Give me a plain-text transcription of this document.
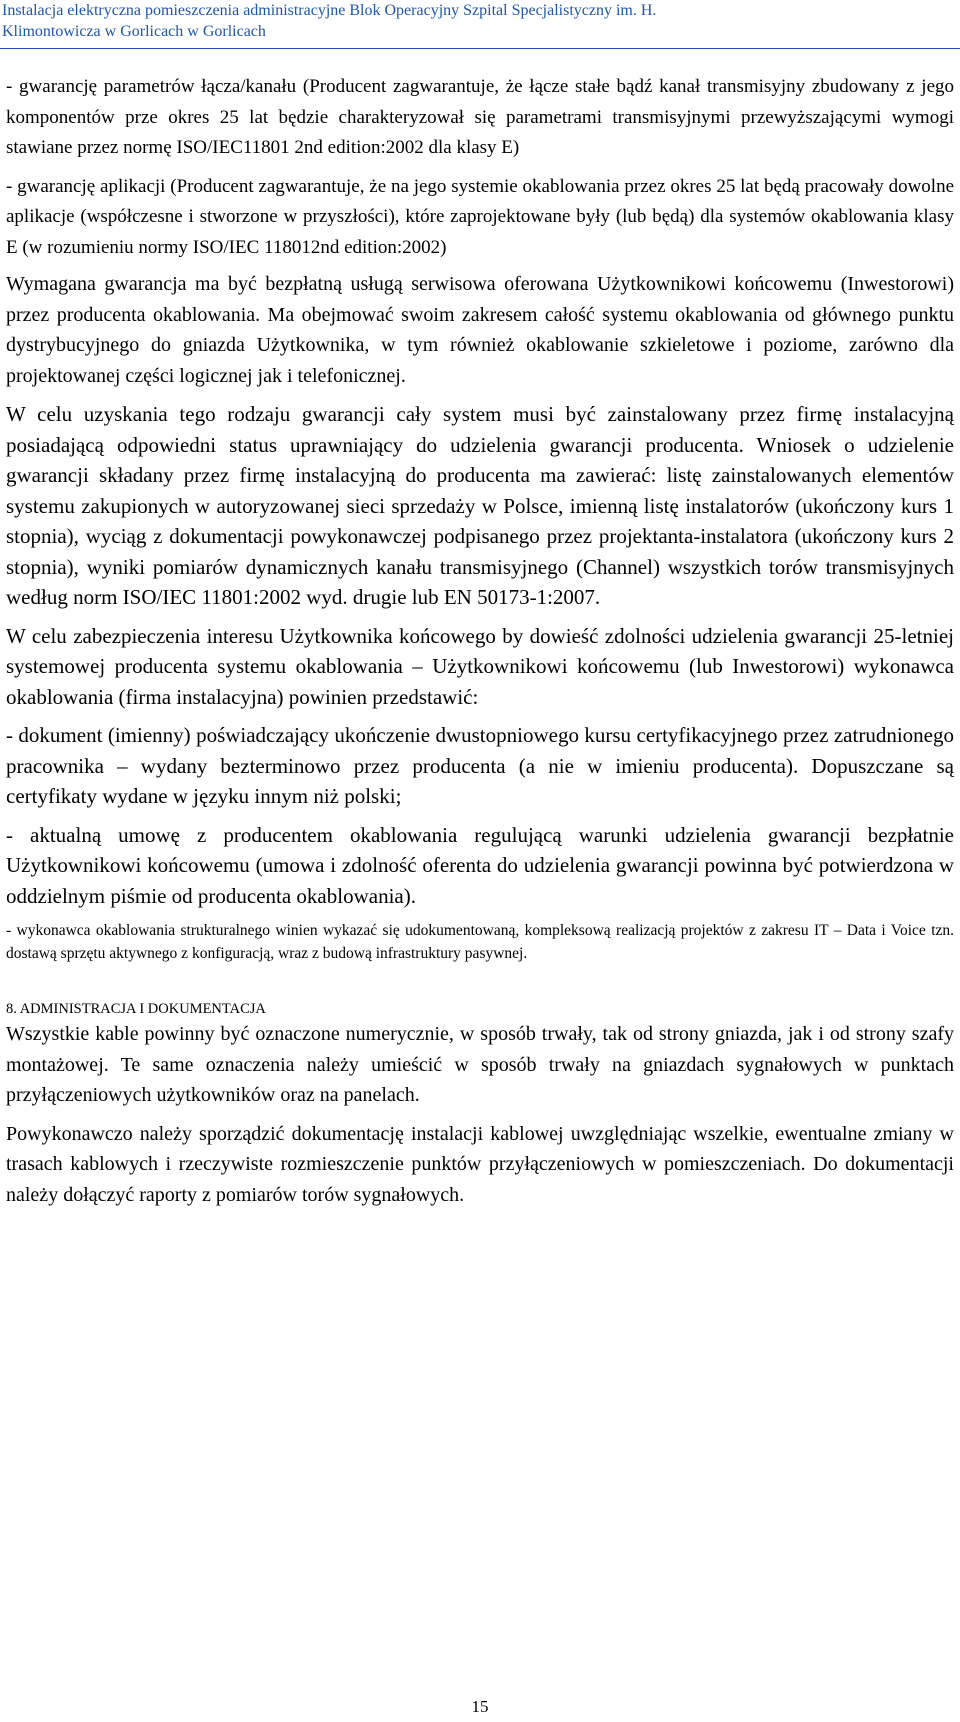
Instalacja elektryczna pomieszczenia administracyjne Blok Operacyjny Szpital Specjalistyczny im. H.
Klimontowicza w Gorlicach w Gorlicach

- gwarancję parametrów łącza/kanału (Producent zagwarantuje, że łącze stałe bądź kanał transmisyjny zbudowany z jego komponentów prze okres 25 lat będzie charakteryzował się parametrami transmisyjnymi przewyższającymi wymogi stawiane przez normę ISO/IEC11801 2nd edition:2002 dla klasy E)

- gwarancję aplikacji (Producent zagwarantuje, że na jego systemie okablowania przez okres 25 lat będą pracowały dowolne aplikacje (współczesne i stworzone w przyszłości), które zaprojektowane były (lub będą) dla systemów okablowania klasy E (w rozumieniu normy ISO/IEC 118012nd edition:2002)

Wymagana gwarancja ma być bezpłatną usługą serwisowa oferowana Użytkownikowi końcowemu (Inwestorowi) przez producenta okablowania. Ma obejmować swoim zakresem całość systemu okablowania od głównego punktu dystrybucyjnego do gniazda Użytkownika, w tym również okablowanie szkieletowe i poziome, zarówno dla projektowanej części logicznej jak i telefonicznej.

W celu uzyskania tego rodzaju gwarancji cały system musi być zainstalowany przez firmę instalacyjną posiadającą odpowiedni status uprawniający do udzielenia gwarancji producenta. Wniosek o udzielenie gwarancji składany przez firmę instalacyjną do producenta ma zawierać: listę zainstalowanych elementów systemu zakupionych w autoryzowanej sieci sprzedaży w Polsce, imienną listę instalatorów (ukończony kurs 1 stopnia), wyciąg z dokumentacji powykonawczej podpisanego przez projektanta-instalatora (ukończony kurs 2 stopnia), wyniki pomiarów dynamicznych kanału transmisyjnego (Channel) wszystkich torów transmisyjnych według norm ISO/IEC 11801:2002 wyd. drugie lub EN 50173-1:2007.

W celu zabezpieczenia interesu Użytkownika końcowego by dowieść zdolności udzielenia gwarancji 25-letniej systemowej producenta systemu okablowania – Użytkownikowi końcowemu (lub Inwestorowi) wykonawca okablowania (firma instalacyjna) powinien przedstawić:

- dokument (imienny) poświadczający ukończenie dwustopniowego kursu certyfikacyjnego przez zatrudnionego pracownika – wydany bezterminowo przez producenta (a nie w imieniu producenta). Dopuszczane są certyfikaty wydane w języku innym niż polski;

- aktualną umowę z producentem okablowania regulującą warunki udzielenia gwarancji bezpłatnie Użytkownikowi końcowemu (umowa i zdolność oferenta do udzielenia gwarancji powinna być potwierdzona w oddzielnym piśmie od producenta okablowania).

- wykonawca okablowania strukturalnego winien wykazać się udokumentowaną, kompleksową realizacją projektów z zakresu IT – Data i Voice tzn. dostawą sprzętu aktywnego z konfiguracją, wraz z budową infrastruktury pasywnej.

8. ADMINISTRACJA I DOKUMENTACJA

Wszystkie kable powinny być oznaczone numerycznie, w sposób trwały, tak od strony gniazda, jak i od strony szafy montażowej. Te same oznaczenia należy umieścić w sposób trwały na gniazdach sygnałowych w punktach przyłączeniowych użytkowników oraz na panelach.

Powykonawczo należy sporządzić dokumentację instalacji kablowej uwzględniając wszelkie, ewentualne zmiany w trasach kablowych i rzeczywiste rozmieszczenie punktów przyłączeniowych w pomieszczeniach. Do dokumentacji należy dołączyć raporty z pomiarów torów sygnałowych.

15
